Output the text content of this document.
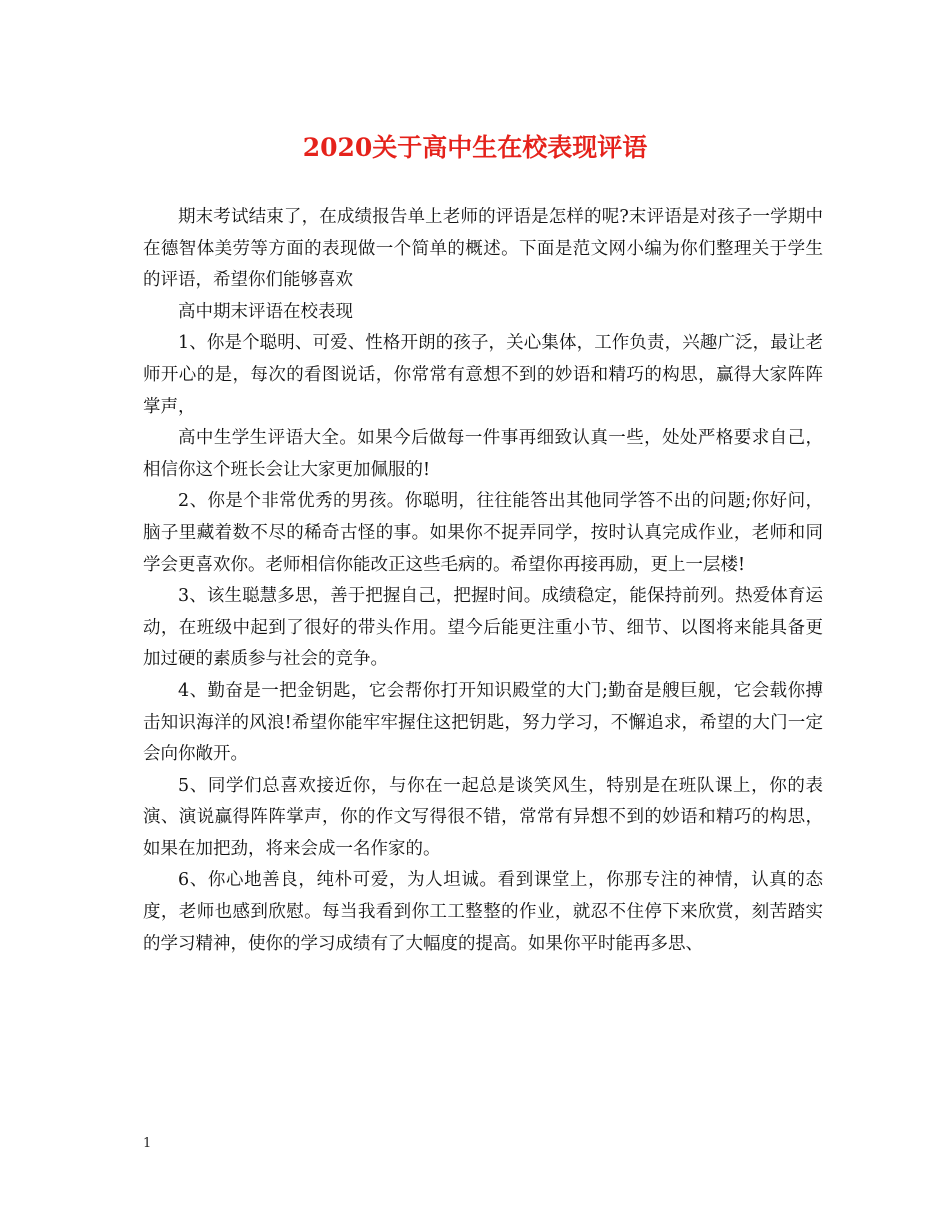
2020关于高中生在校表现评语

期末考试结束了，在成绩报告单上老师的评语是怎样的呢?末评语是对孩子一学期中在德智体美劳等方面的表现做一个简单的概述。下面是范文网小编为你们整理关于学生的评语，希望你们能够喜欢

高中期末评语在校表现

1、你是个聪明、可爱、性格开朗的孩子，关心集体，工作负责，兴趣广泛，最让老师开心的是，每次的看图说话，你常常有意想不到的妙语和精巧的构思，赢得大家阵阵掌声，

高中生学生评语大全。如果今后做每一件事再细致认真一些，处处严格要求自己，相信你这个班长会让大家更加佩服的!

2、你是个非常优秀的男孩。你聪明，往往能答出其他同学答不出的问题;你好问，脑子里藏着数不尽的稀奇古怪的事。如果你不捉弄同学，按时认真完成作业，老师和同学会更喜欢你。老师相信你能改正这些毛病的。希望你再接再励，更上一层楼!

3、该生聪慧多思，善于把握自己，把握时间。成绩稳定，能保持前列。热爱体育运动，在班级中起到了很好的带头作用。望今后能更注重小节、细节、以图将来能具备更加过硬的素质参与社会的竞争。

4、勤奋是一把金钥匙，它会帮你打开知识殿堂的大门;勤奋是艘巨舰，它会载你搏击知识海洋的风浪!希望你能牢牢握住这把钥匙，努力学习，不懈追求，希望的大门一定会向你敞开。

5、同学们总喜欢接近你，与你在一起总是谈笑风生，特别是在班队课上，你的表演、演说赢得阵阵掌声，你的作文写得很不错，常常有异想不到的妙语和精巧的构思，如果在加把劲，将来会成一名作家的。

6、你心地善良，纯朴可爱，为人坦诚。看到课堂上，你那专注的神情，认真的态度，老师也感到欣慰。每当我看到你工工整整的作业，就忍不住停下来欣赏，刻苦踏实的学习精神，使你的学习成绩有了大幅度的提高。如果你平时能再多思、

1
